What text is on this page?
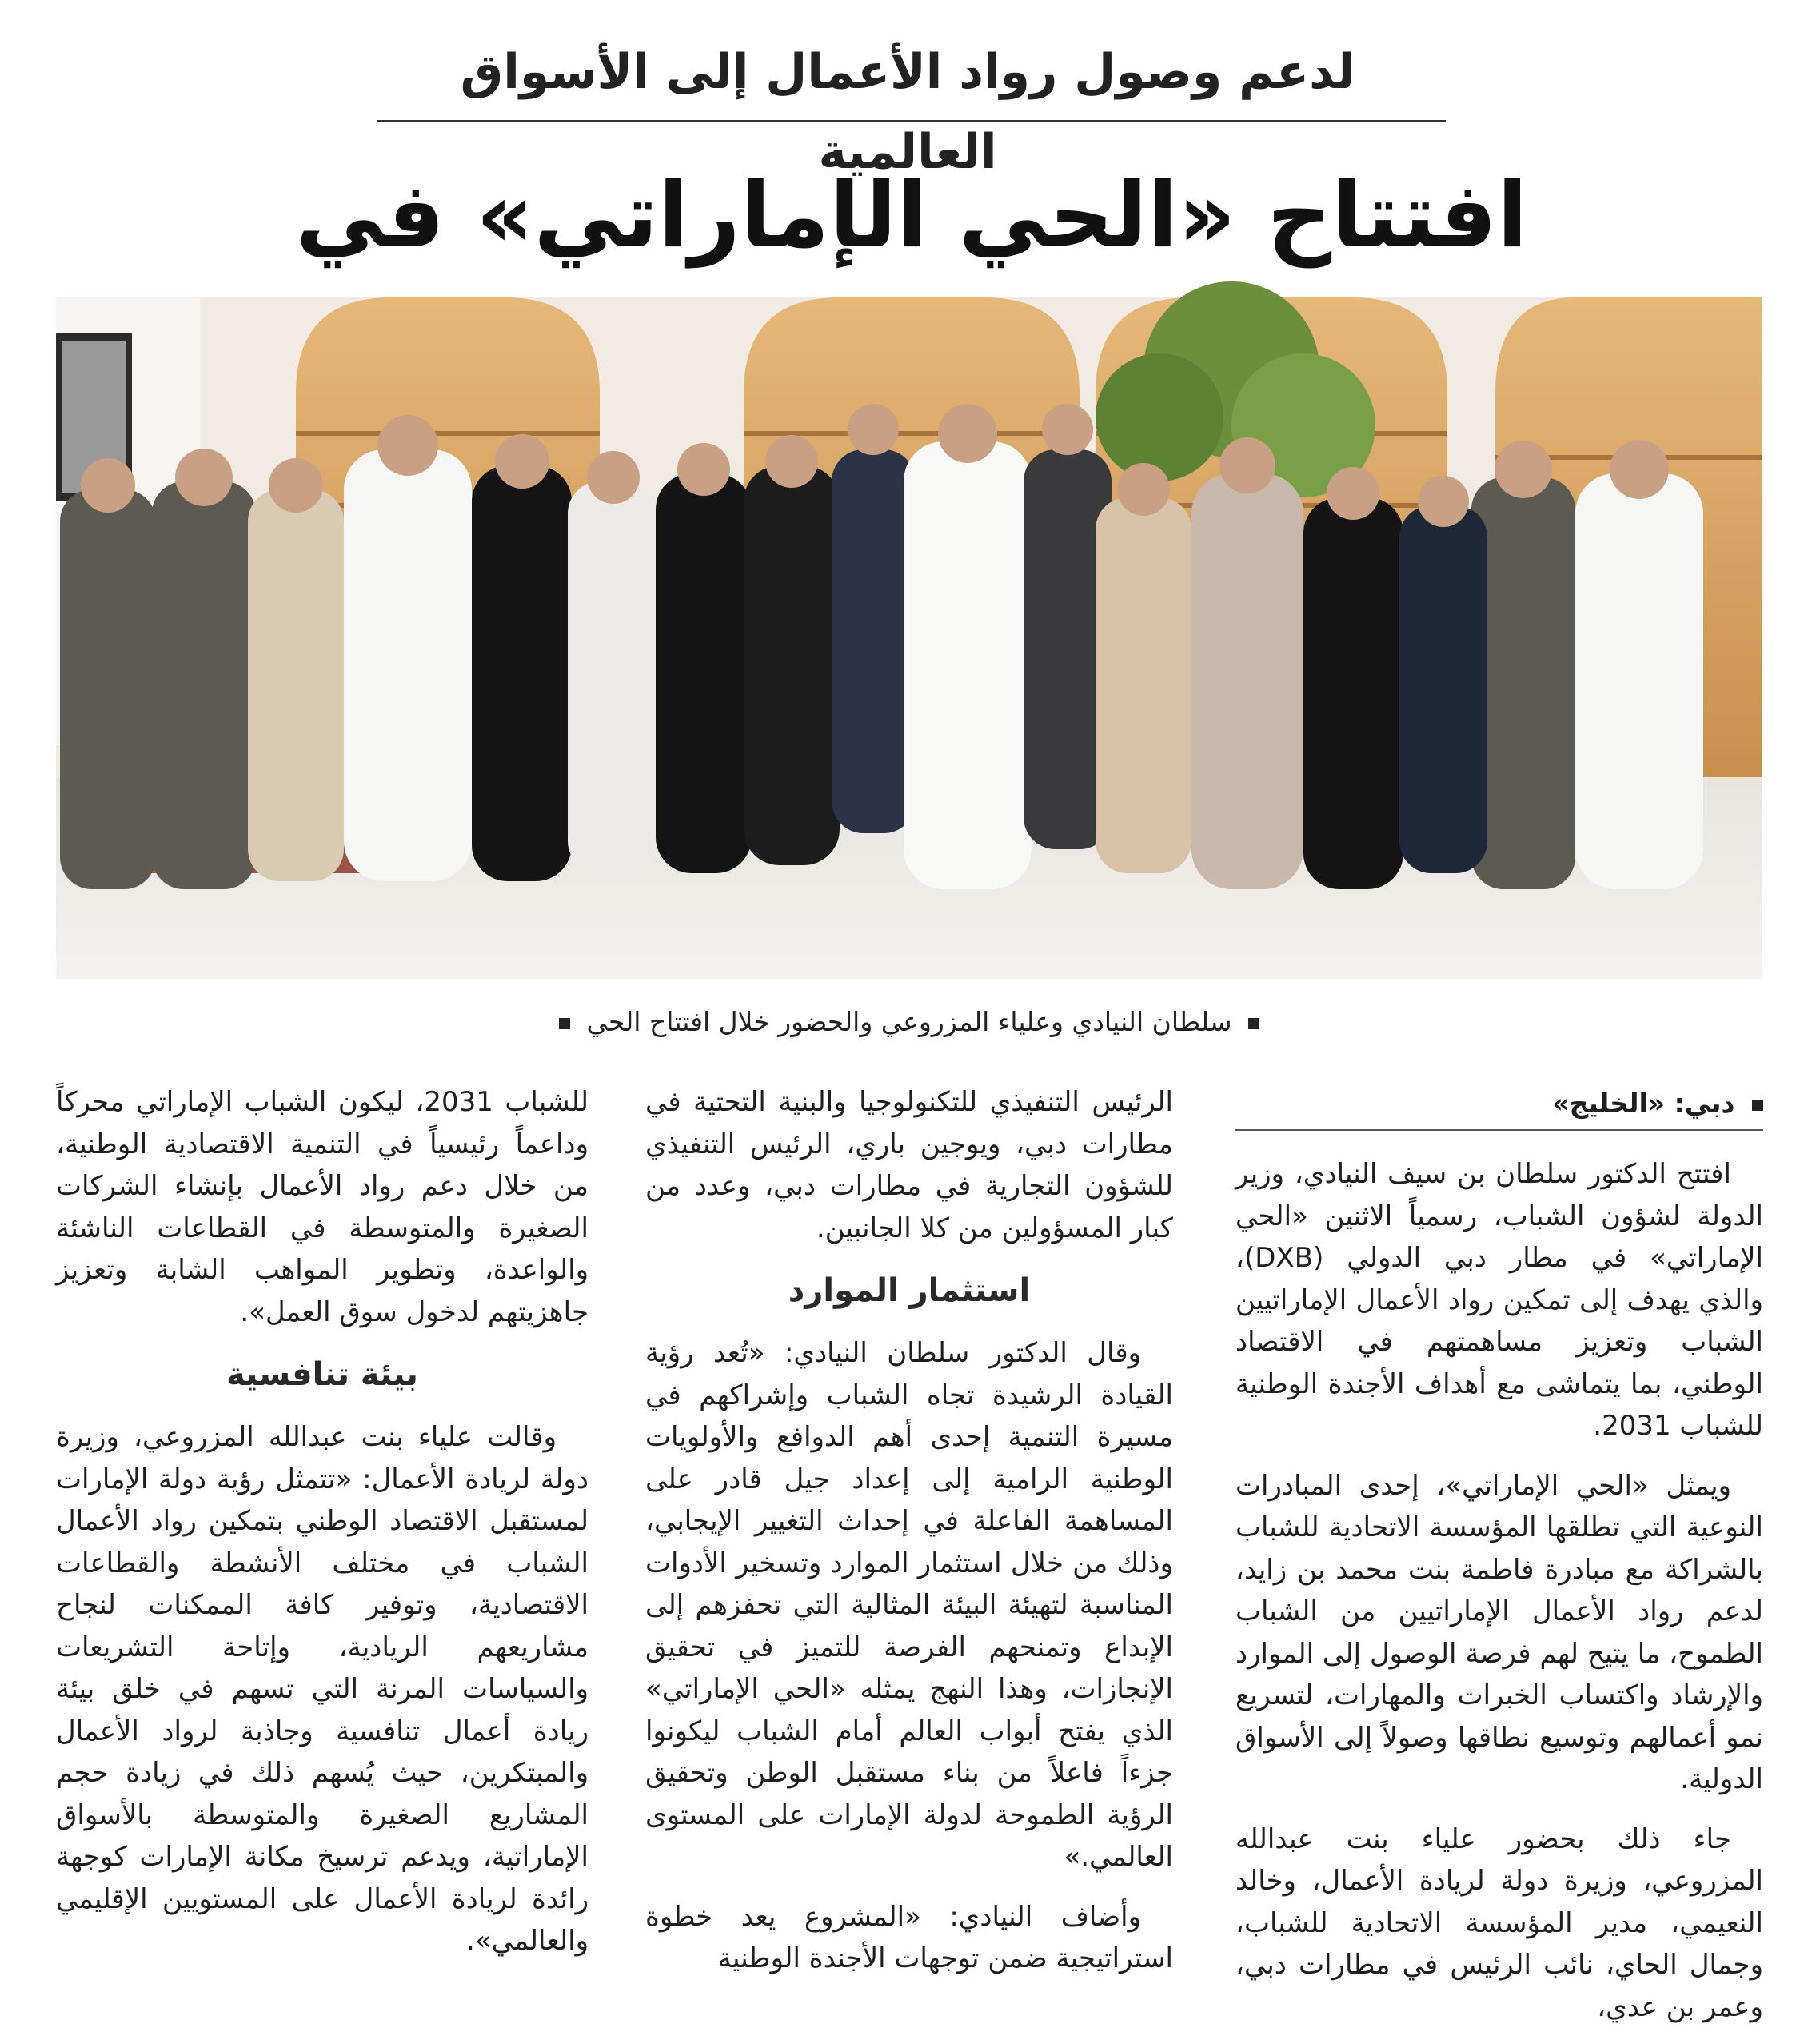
لدعم وصول رواد الأعمال إلى الأسواق العالمية
افتتاح «الحي الإماراتي» في
سلطان النيادي وعلياء المزروعي والحضور خلال افتتاح الحي
دبي: «الخليج»

افتتح الدكتور سلطان بن سيف النيادي، وزير الدولة لشؤون الشباب، رسمياً الاثنين «الحي الإماراتي» في مطار دبي الدولي (DXB)، والذي يهدف إلى تمكين رواد الأعمال الإماراتيين الشباب وتعزيز مساهمتهم في الاقتصاد الوطني، بما يتماشى مع أهداف الأجندة الوطنية للشباب 2031.

ويمثل «الحي الإماراتي»، إحدى المبادرات النوعية التي تطلقها المؤسسة الاتحادية للشباب بالشراكة مع مبادرة فاطمة بنت محمد بن زايد، لدعم رواد الأعمال الإماراتيين من الشباب الطموح، ما يتيح لهم فرصة الوصول إلى الموارد والإرشاد واكتساب الخبرات والمهارات، لتسريع نمو أعمالهم وتوسيع نطاقها وصولاً إلى الأسواق الدولية.

جاء ذلك بحضور علياء بنت عبدالله المزروعي، وزيرة دولة لريادة الأعمال، وخالد النعيمي، مدير المؤسسة الاتحادية للشباب، وجمال الحاي، نائب الرئيس في مطارات دبي، وعمر بن عدي،

الرئيس التنفيذي للتكنولوجيا والبنية التحتية في مطارات دبي، ويوجين باري، الرئيس التنفيذي للشؤون التجارية في مطارات دبي، وعدد من كبار المسؤولين من كلا الجانبين.

استثمار الموارد

وقال الدكتور سلطان النيادي: «تُعد رؤية القيادة الرشيدة تجاه الشباب وإشراكهم في مسيرة التنمية إحدى أهم الدوافع والأولويات الوطنية الرامية إلى إعداد جيل قادر على المساهمة الفاعلة في إحداث التغيير الإيجابي، وذلك من خلال استثمار الموارد وتسخير الأدوات المناسبة لتهيئة البيئة المثالية التي تحفزهم إلى الإبداع وتمنحهم الفرصة للتميز في تحقيق الإنجازات، وهذا النهج يمثله «الحي الإماراتي» الذي يفتح أبواب العالم أمام الشباب ليكونوا جزءاً فاعلاً من بناء مستقبل الوطن وتحقيق الرؤية الطموحة لدولة الإمارات على المستوى العالمي.»

وأضاف النيادي: «المشروع يعد خطوة استراتيجية ضمن توجهات الأجندة الوطنية

للشباب 2031، ليكون الشباب الإماراتي محركاً وداعماً رئيسياً في التنمية الاقتصادية الوطنية، من خلال دعم رواد الأعمال بإنشاء الشركات الصغيرة والمتوسطة في القطاعات الناشئة والواعدة، وتطوير المواهب الشابة وتعزيز جاهزيتهم لدخول سوق العمل».

بيئة تنافسية

وقالت علياء بنت عبدالله المزروعي، وزيرة دولة لريادة الأعمال: «تتمثل رؤية دولة الإمارات لمستقبل الاقتصاد الوطني بتمكين رواد الأعمال الشباب في مختلف الأنشطة والقطاعات الاقتصادية، وتوفير كافة الممكنات لنجاح مشاريعهم الريادية، وإتاحة التشريعات والسياسات المرنة التي تسهم في خلق بيئة ريادة أعمال تنافسية وجاذبة لرواد الأعمال والمبتكرين، حيث يُسهم ذلك في زيادة حجم المشاريع الصغيرة والمتوسطة بالأسواق الإماراتية، ويدعم ترسيخ مكانة الإمارات كوجهة رائدة لريادة الأعمال على المستويين الإقليمي والعالمي».
